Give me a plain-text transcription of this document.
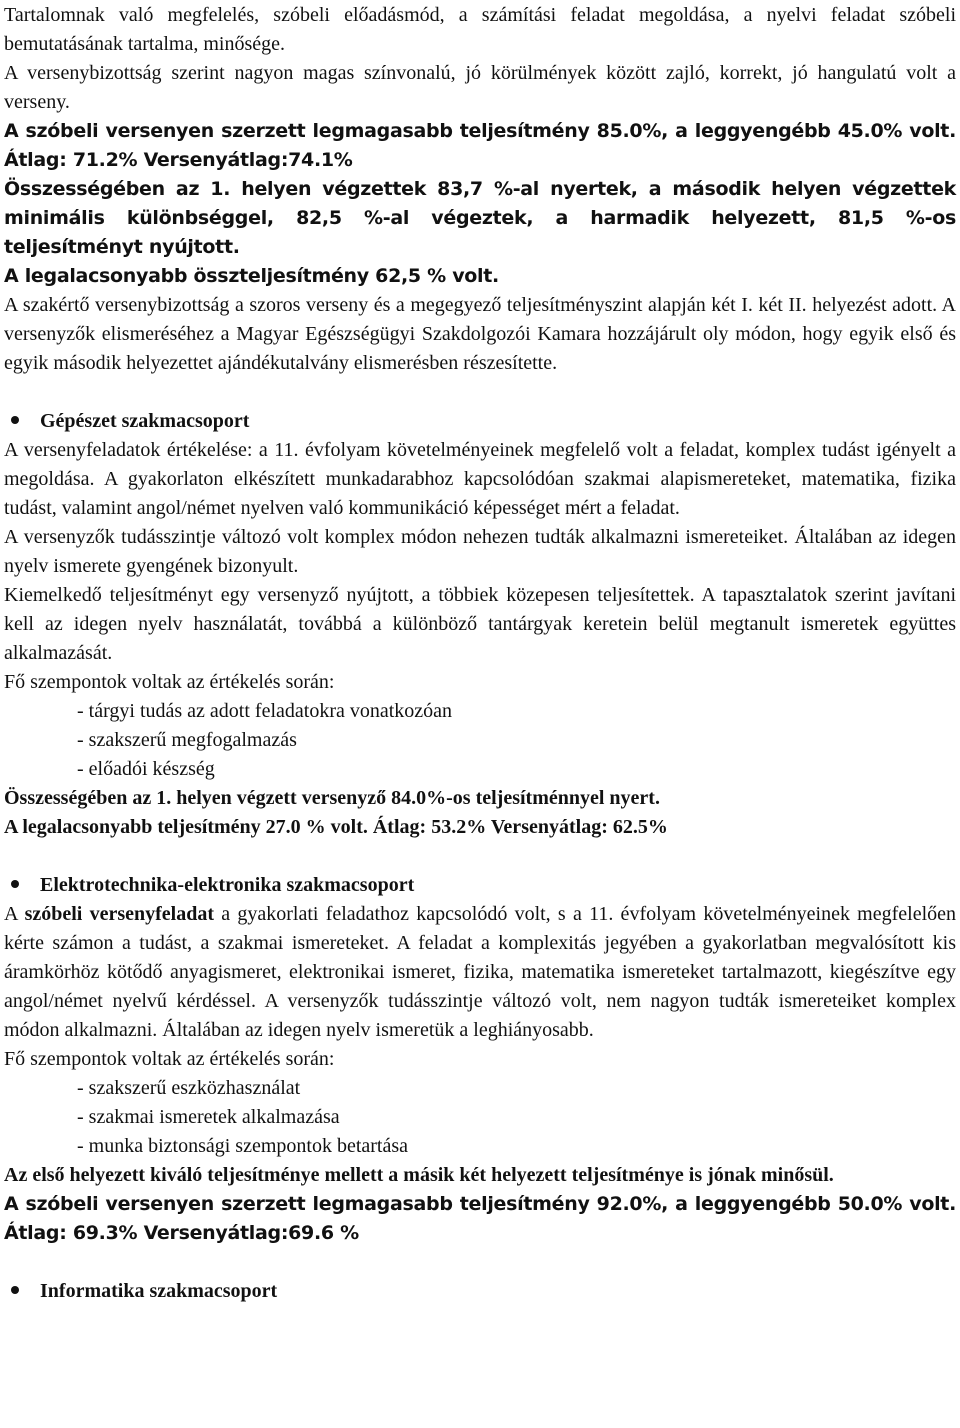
Tartalomnak való megfelelés, szóbeli előadásmód, a számítási feladat megoldása, a nyelvi feladat szóbeli bemutatásának tartalma, minősége.

A versenybizottság szerint nagyon magas színvonalú, jó körülmények között zajló, korrekt, jó hangulatú volt a verseny.

A szóbeli versenyen szerzett legmagasabb teljesítmény 85.0%, a leggyengébb 45.0% volt. Átlag: 71.2% Versenyátlag:74.1%

Összességében az 1. helyen végzettek 83,7 %-al nyertek, a második helyen végzettek minimális különbséggel, 82,5 %-al végeztek, a harmadik helyezett, 81,5 %-os teljesítményt nyújtott.

A legalacsonyabb összteljesítmény 62,5 % volt.

A szakértő versenybizottság a szoros verseny és a megegyező teljesítményszint alapján két I. két II. helyezést adott. A versenyzők elismeréséhez a Magyar Egészségügyi Szakdolgozói Kamara hozzájárult oly módon, hogy egyik első és egyik második helyezettet ajándékutalvány elismerésben részesítette.

Gépészet szakmacsoport

A versenyfeladatok értékelése: a 11. évfolyam követelményeinek megfelelő volt a feladat, komplex tudást igényelt a megoldása. A gyakorlaton elkészített munkadarabhoz kapcsolódóan szakmai alapismereteket, matematika, fizika tudást, valamint angol/német nyelven való kommunikáció képességet mért a feladat.

A versenyzők tudásszintje változó volt komplex módon nehezen tudták alkalmazni ismereteiket. Általában az idegen nyelv ismerete gyengének bizonyult.

Kiemelkedő teljesítményt egy versenyző nyújtott, a többiek közepesen teljesítettek. A tapasztalatok szerint javítani kell az idegen nyelv használatát, továbbá a különböző tantárgyak keretein belül megtanult ismeretek együttes alkalmazását.

Fő szempontok voltak az értékelés során:

- tárgyi tudás az adott feladatokra vonatkozóan

- szakszerű megfogalmazás

- előadói készség

Összességében az 1. helyen végzett versenyző 84.0%-os teljesítménnyel nyert.

A legalacsonyabb teljesítmény 27.0 % volt. Átlag: 53.2% Versenyátlag: 62.5%

Elektrotechnika-elektronika szakmacsoport

A szóbeli versenyfeladat a gyakorlati feladathoz kapcsolódó volt, s a 11. évfolyam követelményeinek megfelelően kérte számon a tudást, a szakmai ismereteket. A feladat a komplexitás jegyében a gyakorlatban megvalósított kis áramkörhöz kötődő anyagismeret, elektronikai ismeret, fizika, matematika ismereteket tartalmazott, kiegészítve egy angol/német nyelvű kérdéssel. A versenyzők tudásszintje változó volt, nem nagyon tudták ismereteiket komplex módon alkalmazni. Általában az idegen nyelv ismeretük a leghiányosabb.

Fő szempontok voltak az értékelés során:

- szakszerű eszközhasználat

- szakmai ismeretek alkalmazása

- munka biztonsági szempontok betartása

Az első helyezett kiváló teljesítménye mellett a másik két helyezett teljesítménye is jónak minősül.

A szóbeli versenyen szerzett legmagasabb teljesítmény 92.0%, a leggyengébb 50.0% volt. Átlag: 69.3% Versenyátlag:69.6 %

Informatika szakmacsoport
